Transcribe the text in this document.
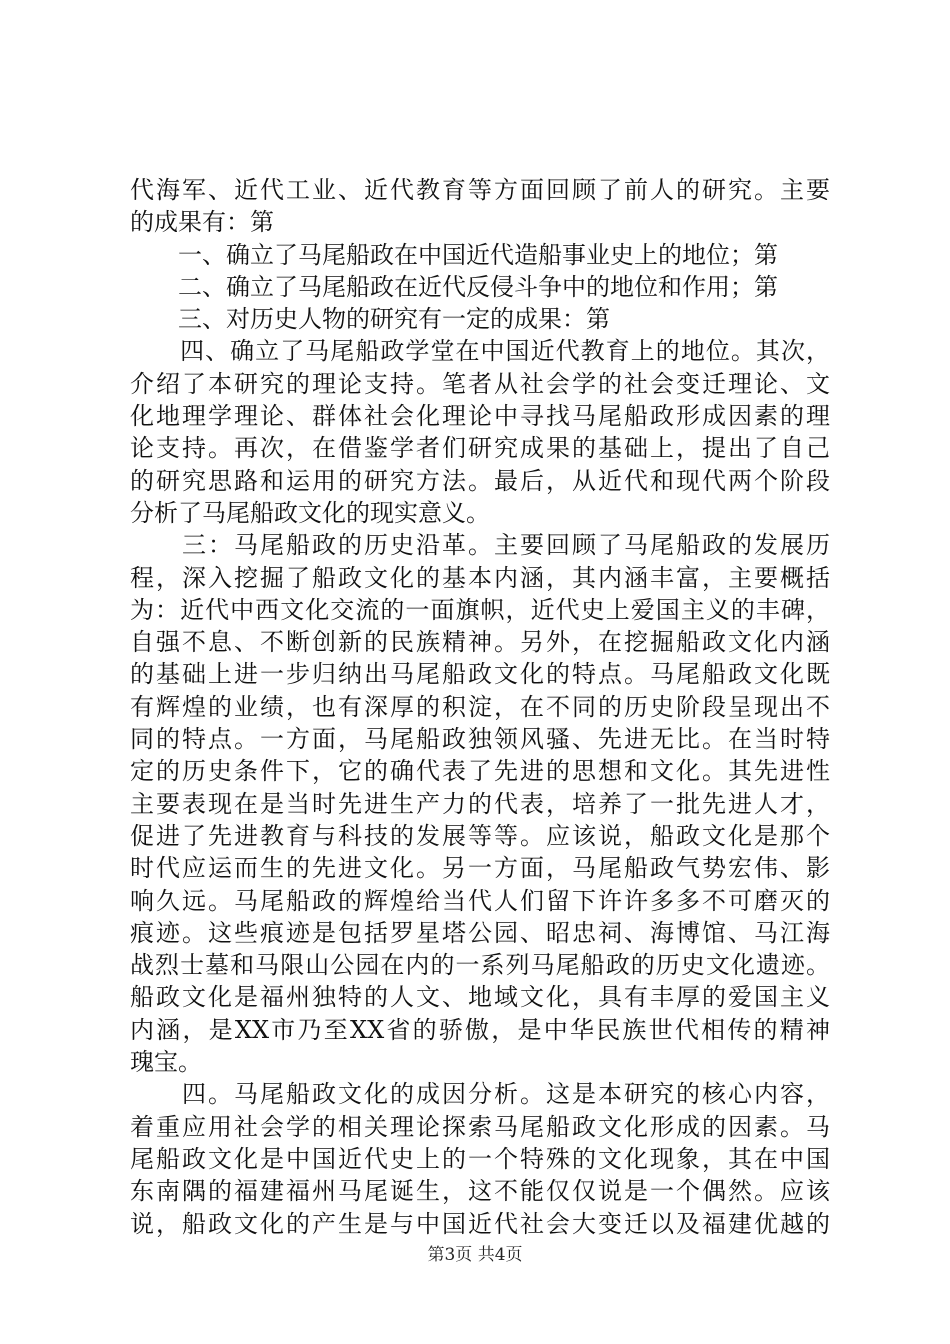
代海军、近代工业、近代教育等方面回顾了前人的研究。主要
的成果有：第
　　一、确立了马尾船政在中国近代造船事业史上的地位；第
　　二、确立了马尾船政在近代反侵斗争中的地位和作用；第
　　三、对历史人物的研究有一定的成果：第
　　四、确立了马尾船政学堂在中国近代教育上的地位。其次，
介绍了本研究的理论支持。笔者从社会学的社会变迁理论、文
化地理学理论、群体社会化理论中寻找马尾船政形成因素的理
论支持。再次，在借鉴学者们研究成果的基础上，提出了自己
的研究思路和运用的研究方法。最后，从近代和现代两个阶段
分析了马尾船政文化的现实意义。
　　三：马尾船政的历史沿革。主要回顾了马尾船政的发展历
程，深入挖掘了船政文化的基本内涵，其内涵丰富，主要概括
为：近代中西文化交流的一面旗帜，近代史上爱国主义的丰碑，
自强不息、不断创新的民族精神。另外，在挖掘船政文化内涵
的基础上进一步归纳出马尾船政文化的特点。马尾船政文化既
有辉煌的业绩，也有深厚的积淀，在不同的历史阶段呈现出不
同的特点。一方面，马尾船政独领风骚、先进无比。在当时特
定的历史条件下，它的确代表了先进的思想和文化。其先进性
主要表现在是当时先进生产力的代表，培养了一批先进人才，
促进了先进教育与科技的发展等等。应该说，船政文化是那个
时代应运而生的先进文化。另一方面，马尾船政气势宏伟、影
响久远。马尾船政的辉煌给当代人们留下许许多多不可磨灭的
痕迹。这些痕迹是包括罗星塔公园、昭忠祠、海博馆、马江海
战烈士墓和马限山公园在内的一系列马尾船政的历史文化遗迹。
船政文化是福州独特的人文、地域文化，具有丰厚的爱国主义
内涵，是XX市乃至XX省的骄傲，是中华民族世代相传的精神
瑰宝。
　　四。马尾船政文化的成因分析。这是本研究的核心内容，
着重应用社会学的相关理论探索马尾船政文化形成的因素。马
尾船政文化是中国近代史上的一个特殊的文化现象，其在中国
东南隅的福建福州马尾诞生，这不能仅仅说是一个偶然。应该
说，船政文化的产生是与中国近代社会大变迁以及福建优越的
第3页 共4页
